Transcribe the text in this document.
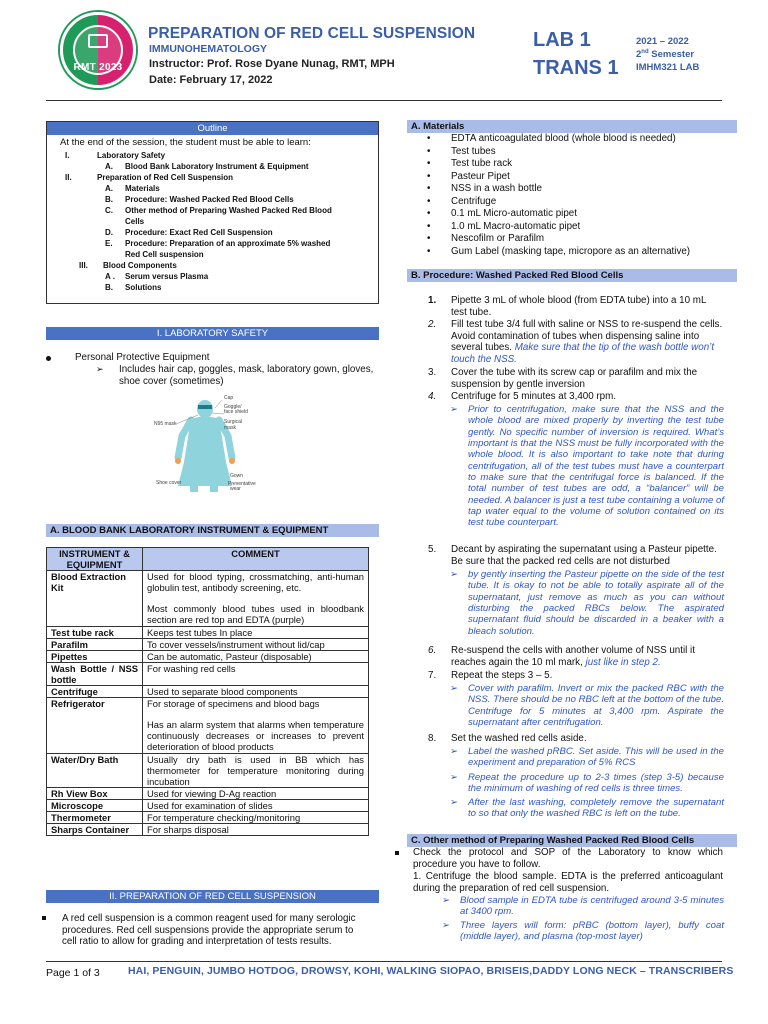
RMT 2023
PREPARATION OF RED CELL SUSPENSION
IMMUNOHEMATOLOGY
Instructor: Prof. Rose Dyane Nunag, RMT, MPH
Date: February 17, 2022
LAB 1
TRANS 1
2021 – 2022
2nd Semester
IMHM321 LAB
Outline
At the end of the session, the student must be able to learn:
I.	Laboratory Safety
A. Blood Bank Laboratory Instrument & Equipment
II.	Preparation of Red Cell Suspension
A. Materials
B. Procedure: Washed Packed Red Blood Cells
C. Other method of Preparing Washed Packed Red Blood
Cells
D. Procedure: Exact Red Cell Suspension
E. Procedure: Preparation of an approximate 5% washed
Red Cell suspension
III. Blood Components
A . Serum versus Plasma
B. Solutions
I. LABORATORY SAFETY
Personal Protective Equipment
➢ Includes hair cap, goggles, mask, laboratory gown, gloves,
shoe cover (sometimes)
Cap
Goggle/
face shield
N95 mask	Surgical mask
Gown
Shoe cover	Preventative
wear
A. BLOOD BANK LABORATORY INSTRUMENT & EQUIPMENT
INSTRUMENT &
EQUIPMENT	COMMENT
Blood Extraction Kit	Used for blood typing, crossmatching, anti-human globulin test, antibody screening, etc.
Most commonly blood tubes used in bloodbank section are red top and EDTA (purple)

Test tube rack	Keeps test tubes In place
Parafilm	To cover vessels/instrument without lid/cap
Pipettes	Can be automatic, Pasteur (disposable)
Wash Bottle / NSS bottle	For washing red cells
Centrifuge	Used to separate blood components
Refrigerator	For storage of specimens and blood bags
Has an alarm system that alarms when temperature continuously decreases or increases to prevent deterioration of blood products

Water/Dry Bath	Usually dry bath is used in BB which has thermometer for temperature monitoring during incubation
Rh View Box	Used for viewing D-Ag reaction
Microscope	Used for examination of slides
Thermometer	For temperature checking/monitoring
Sharps Container	For sharps disposal
II. PREPARATION OF RED CELL SUSPENSION
A red cell suspension is a common reagent used for many serologic procedures. Red cell suspensions provide the appropriate serum to cell ratio to allow for grading and interpretation of tests results.
A. Materials
• EDTA anticoagulated blood (whole blood is needed)
• Test tubes
• Test tube rack
• Pasteur Pipet
• NSS in a wash bottle
• Centrifuge
• 0.1 mL Micro-automatic pipet
• 1.0 mL Macro-automatic pipet
• Nescofilm or Parafilm
• Gum Label (masking tape, micropore as an alternative)
B. Procedure: Washed Packed Red Blood Cells
1. Pipette 3 mL of whole blood (from EDTA tube) into a 10 mL test tube.
2. Fill test tube 3/4 full with saline or NSS to re-suspend the cells. Avoid contamination of tubes when dispensing saline into several tubes. Make sure that the tip of the wash bottle won’t touch the NSS.
3. Cover the tube with its screw cap or parafilm and mix the suspension by gentle inversion
4. Centrifuge for 5 minutes at 3,400 rpm.
➢ Prior to centrifugation, make sure that the NSS and the whole blood are mixed properly by inverting the test tube gently. No specific number of inversion is required. What’s important is that the NSS must be fully incorporated with the whole blood. It is also important to take note that during centrifugation, all of the test tubes must have a counterpart to make sure that the centrifugal force is balanced. If the total number of test tubes are odd, a “balancer” will be needed. A balancer is just a test tube containing a volume of tap water equal to the volume of solution contained on its test tube counterpart.
5. Decant by aspirating the supernatant using a Pasteur pipette. Be sure that the packed red cells are not disturbed
➢ by gently inserting the Pasteur pipette on the side of the test tube. It is okay to not be able to totally aspirate all of the supernatant, just remove as much as you can without disturbing the packed RBCs below. The aspirated supernatant fluid should be discarded in a beaker with a bleach solution.
6. Re-suspend the cells with another volume of NSS until it reaches again the 10 ml mark, just like in step 2.
7. Repeat the steps 3 – 5.
➢ Cover with parafilm. Invert or mix the packed RBC with the NSS. There should be no RBC left at the bottom of the tube. Centrifuge for 5 minutes at 3,400 rpm. Aspirate the supernatant after centrifugation.
8. Set the washed red cells aside.
➢ Label the washed pRBC. Set aside. This will be used in the experiment and preparation of 5% RCS
➢ Repeat the procedure up to 2-3 times (step 3-5) because the minimum of washing of red cells is three times.
➢ After the last washing, completely remove the supernatant to so that only the washed RBC is left on the tube.
C. Other method of Preparing Washed Packed Red Blood Cells
Check the protocol and SOP of the Laboratory to know which procedure you have to follow.
1. Centrifuge the blood sample. EDTA is the preferred anticoagulant during the preparation of red cell suspension.
➢ Blood sample in EDTA tube is centrifuged around 3-5 minutes at 3400 rpm.
➢ Three layers will form: pRBC (bottom layer), buffy coat (middle layer), and plasma (top-most layer)
Page 1 of 3	HAI, PENGUIN, JUMBO HOTDOG, DROWSY, KOHI, WALKING SIOPAO, BRISEIS,DADDY LONG NECK – TRANSCRIBERS
